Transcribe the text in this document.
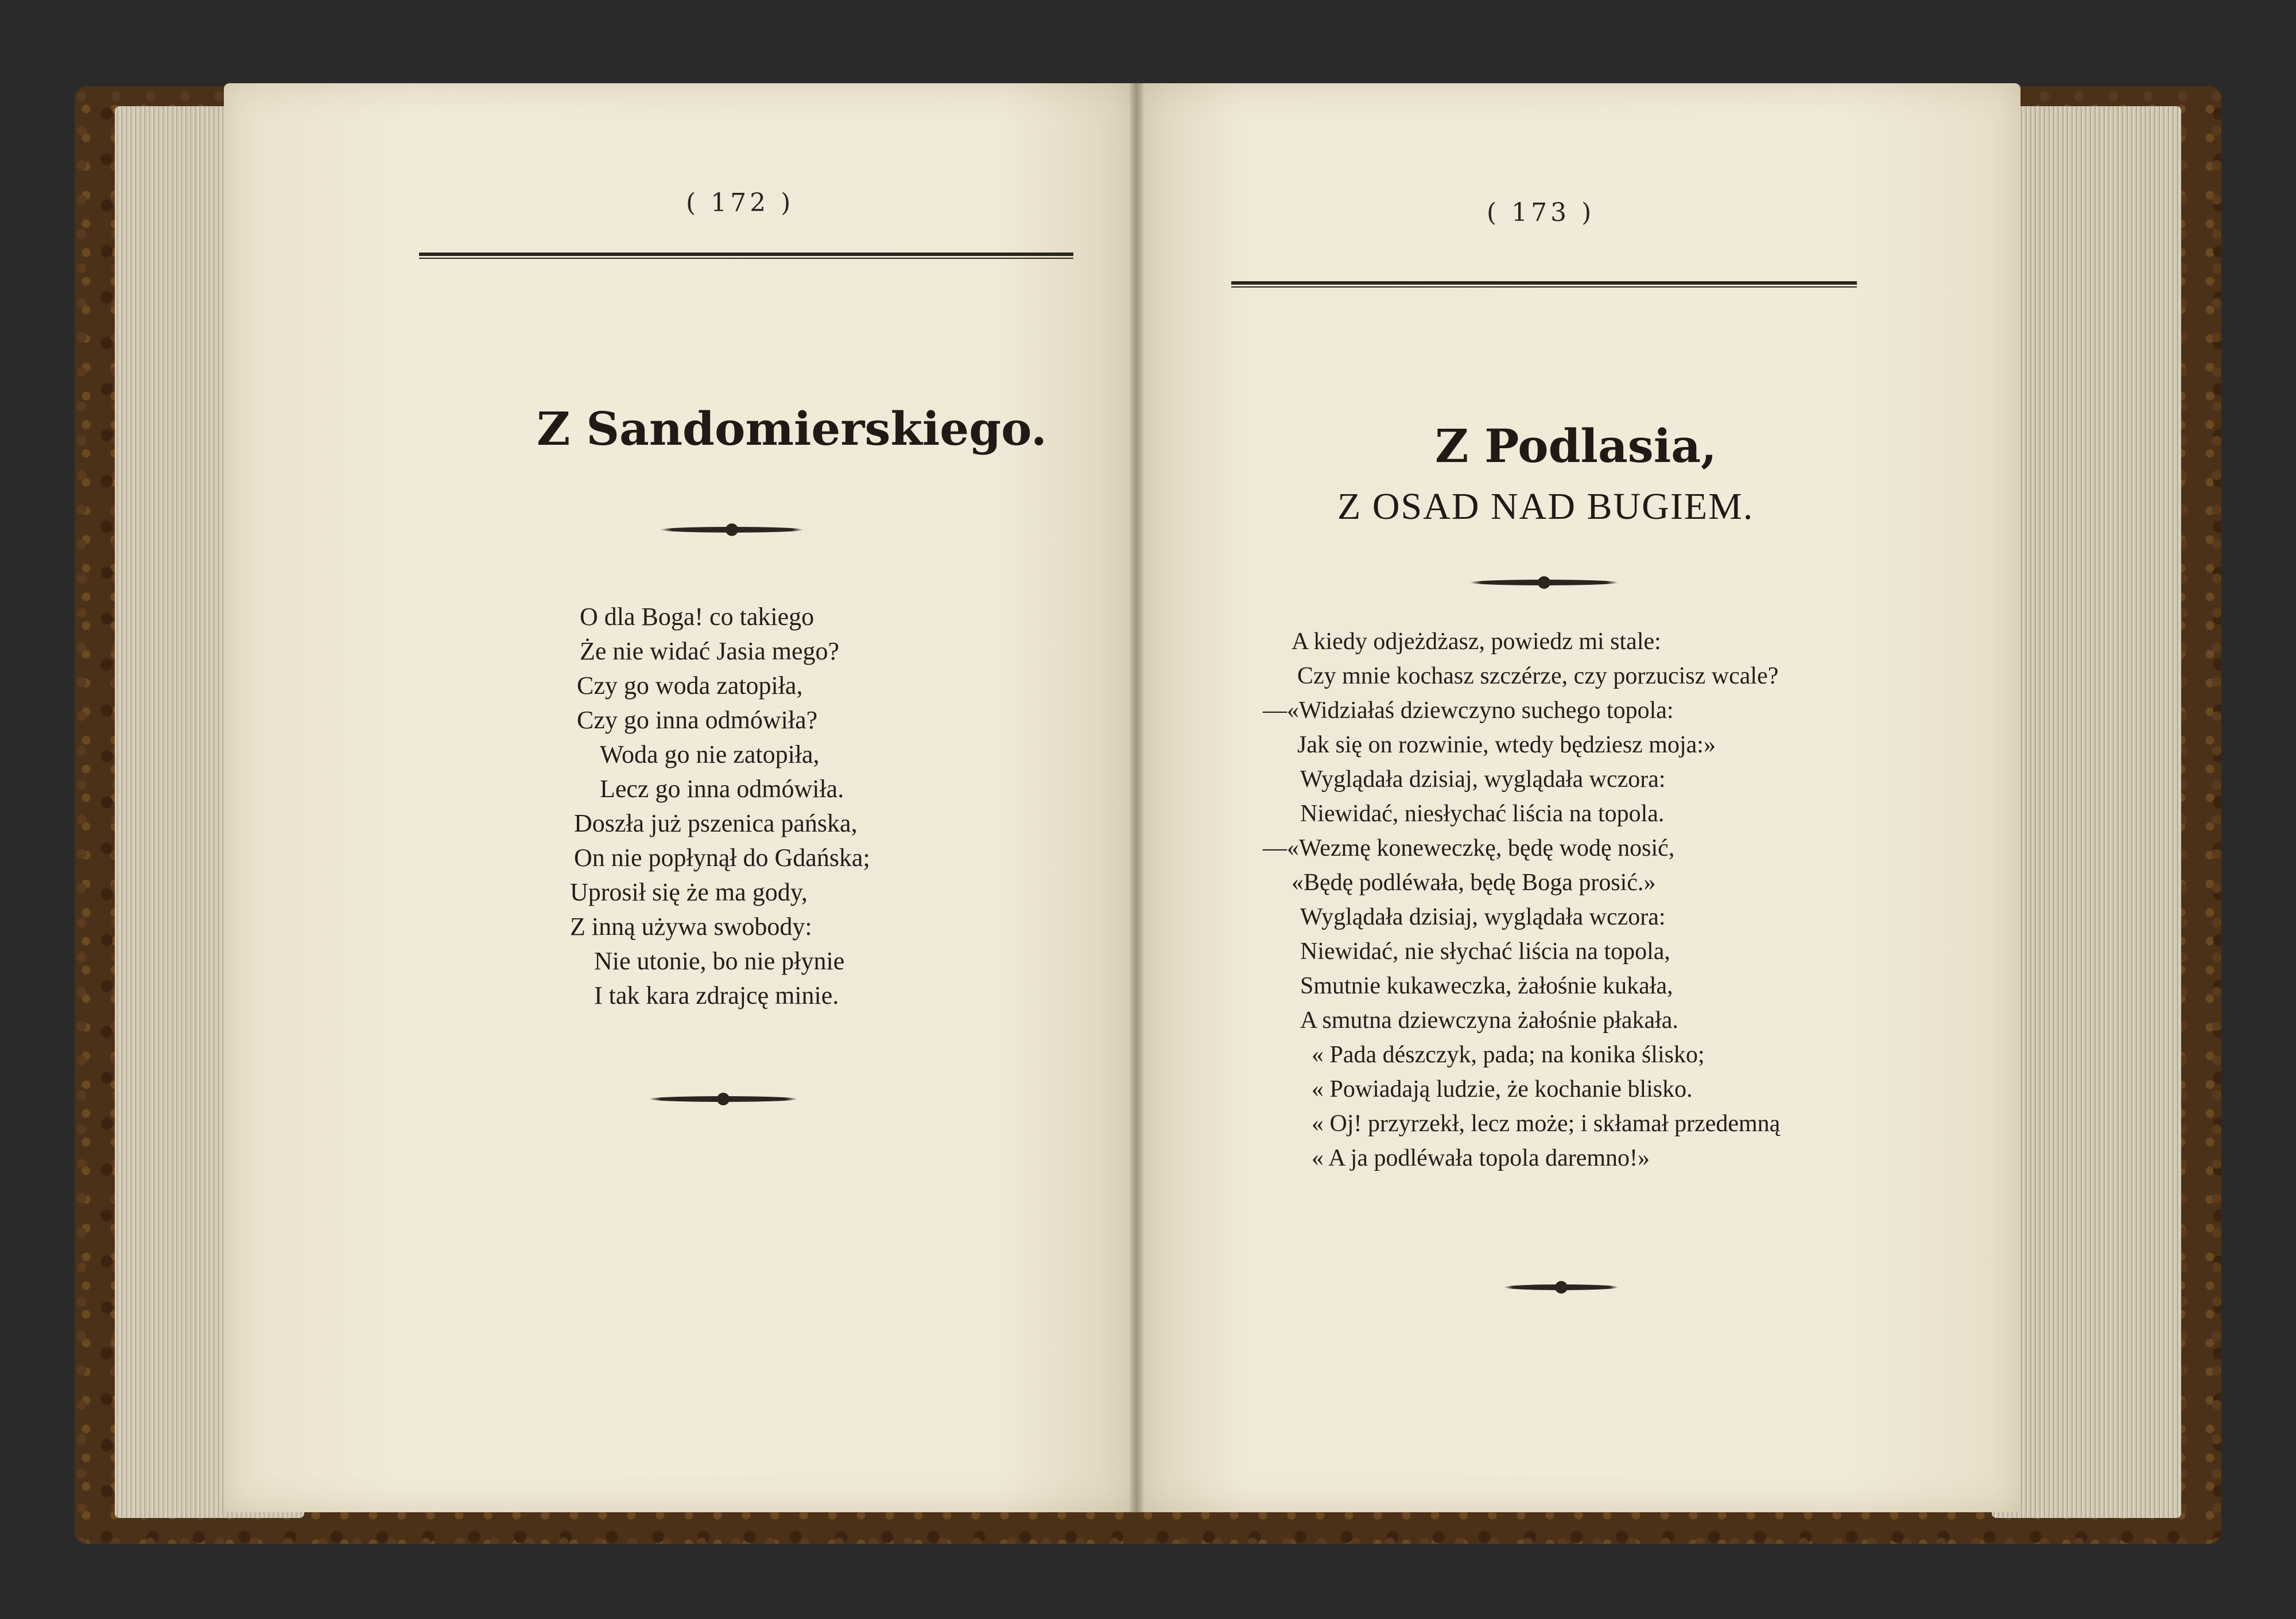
( 172 )
Z Sandomierskiego.
O dla Boga! co takiego
Że nie widać Jasia mego?
Czy go woda zatopiła,
Czy go inna odmówiła?
Woda go nie zatopiła,
Lecz go inna odmówiła.
Doszła już pszenica pańska,
On nie popłynął do Gdańska;
Uprosił się że ma gody,
Z inną używa swobody:
Nie utonie, bo nie płynie
I tak kara zdrajcę minie.
( 173 )
Z Podlasia,
Z OSAD NAD BUGIEM.
A kiedy odjeżdżasz, powiedz mi stale:
Czy mnie kochasz szczérze, czy porzucisz wcale?
—«Widziałaś dziewczyno suchego topola:
Jak się on rozwinie, wtedy będziesz moja:»
Wyglądała dzisiaj, wyglądała wczora:
Niewidać, niesłychać liścia na topola.
—«Wezmę koneweczkę, będę wodę nosić,
«Będę podléwała, będę Boga prosić.»
Wyglądała dzisiaj, wyglądała wczora:
Niewidać, nie słychać liścia na topola,
Smutnie kukaweczka, żałośnie kukała,
A smutna dziewczyna żałośnie płakała.
« Pada dészczyk, pada; na konika ślisko;
« Powiadają ludzie, że kochanie blisko.
« Oj! przyrzekł, lecz może; i skłamał przedemną
« A ja podléwała topola daremno!»
